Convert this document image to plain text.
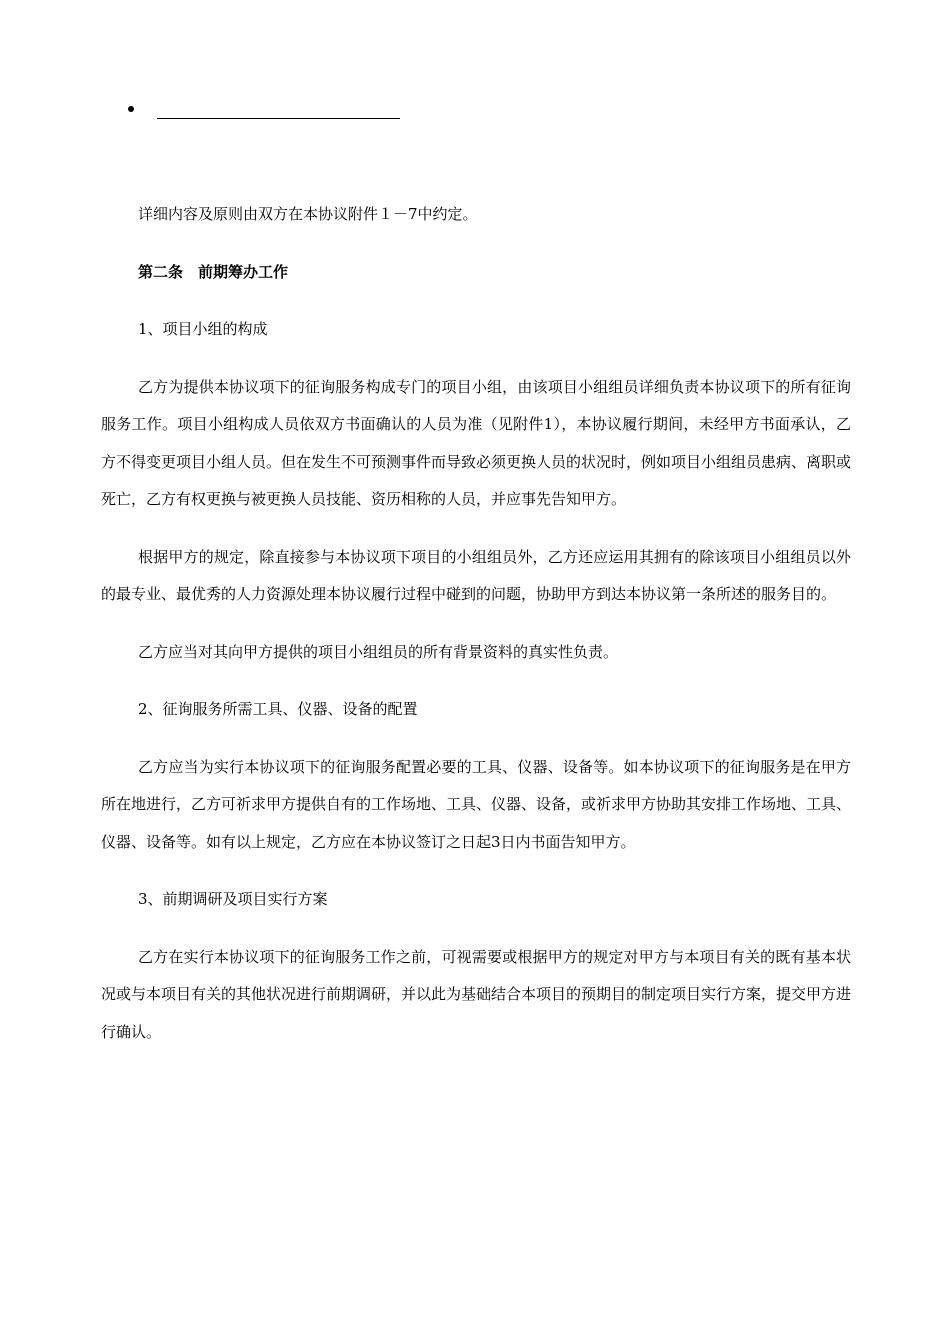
详细内容及原则由双方在本协议附件１－7中约定。

第二条　前期筹办工作

1、项目小组的构成

乙方为提供本协议项下的征询服务构成专门的项目小组，由该项目小组组员详细负责本协议项下的所有征询服务工作。项目小组构成人员依双方书面确认的人员为准（见附件1），本协议履行期间，未经甲方书面承认，乙方不得变更项目小组人员。但在发生不可预测事件而导致必须更换人员的状况时，例如项目小组组员患病、离职或死亡，乙方有权更换与被更换人员技能、资历相称的人员，并应事先告知甲方。

根据甲方的规定，除直接参与本协议项下项目的小组组员外，乙方还应运用其拥有的除该项目小组组员以外的最专业、最优秀的人力资源处理本协议履行过程中碰到的问题，协助甲方到达本协议第一条所述的服务目的。

乙方应当对其向甲方提供的项目小组组员的所有背景资料的真实性负责。

2、征询服务所需工具、仪器、设备的配置

乙方应当为实行本协议项下的征询服务配置必要的工具、仪器、设备等。如本协议项下的征询服务是在甲方所在地进行，乙方可祈求甲方提供自有的工作场地、工具、仪器、设备，或祈求甲方协助其安排工作场地、工具、仪器、设备等。如有以上规定，乙方应在本协议签订之日起3日内书面告知甲方。

3、前期调研及项目实行方案

乙方在实行本协议项下的征询服务工作之前，可视需要或根据甲方的规定对甲方与本项目有关的既有基本状况或与本项目有关的其他状况进行前期调研，并以此为基础结合本项目的预期目的制定项目实行方案，提交甲方进行确认。
